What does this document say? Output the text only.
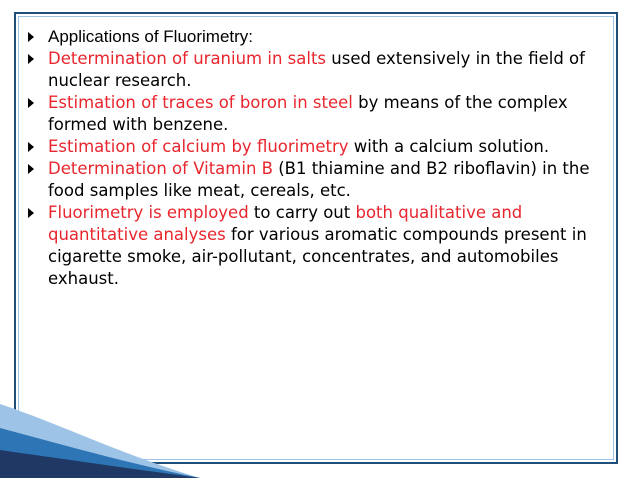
Applications of Fluorimetry:
Determination of uranium in salts used extensively in the field of nuclear research.
Estimation of traces of boron in steel by means of the complex formed with benzene.
Estimation of calcium by fluorimetry with a calcium solution.
Determination of Vitamin B (B1 thiamine and B2 riboflavin) in the food samples like meat, cereals, etc.
Fluorimetry is employed to carry out both qualitative and quantitative analyses for various aromatic compounds present in cigarette smoke, air-pollutant, concentrates, and automobiles exhaust.
